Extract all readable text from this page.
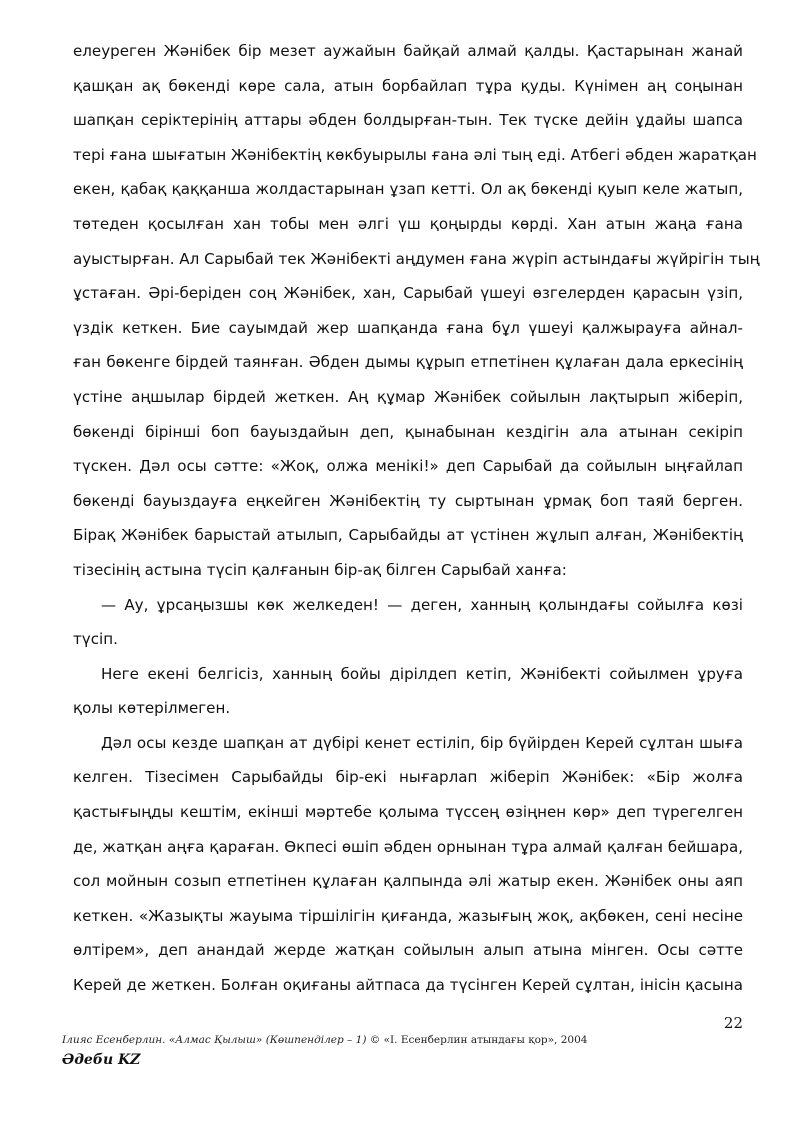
елеуреген Жәнібек бір мезет аужайын байқай алмай қалды. Қастарынан жанай
қашқан ақ бөкенді көре сала, атын борбайлап тұра қуды. Күнімен аң соңынан
шапқан серіктерінің аттары әбден болдырған-тын. Тек түске дейін ұдайы шапса
тері ғана шығатын Жәнібектің көкбуырылы ғана әлі тың еді. Атбегі әбден жаратқан
екен, қабақ қаққанша жолдастарынан ұзап кетті. Ол ақ бөкенді қуып келе жатып,
төтеден қосылған хан тобы мен әлгі үш қоңырды көрді. Хан атын жаңа ғана
ауыстырған. Ал Сарыбай тек Жәнібекті аңдумен ғана жүріп астындағы жүйрігін тың
ұстаған. Әрі-беріден соң Жәнібек, хан, Сарыбай үшеуі өзгелерден қарасын үзіп,
үздік кеткен. Бие сауымдай жер шапқанда ғана бұл үшеуі қалжырауға айнал-
ған бөкенге бірдей таянған. Әбден дымы құрып етпетінен құлаған дала еркесінің
үстіне аңшылар бірдей жеткен. Аң құмар Жәнібек сойылын лақтырып жіберіп,
бөкенді бірінші боп бауыздайын деп, қынабынан кездігін ала атынан секіріп
түскен. Дәл осы сәтте: «Жоқ, олжа менікі!» деп Сарыбай да сойылын ыңғайлап
бөкенді бауыздауға еңкейген Жәнібектің ту сыртынан ұрмақ боп таяй берген.
Бірақ Жәнібек барыстай атылып, Сарыбайды ат үстінен жұлып алған, Жәнібектің
тізесінің астына түсіп қалғанын бір-ақ білген Сарыбай ханға:
— Ау, ұрсаңызшы көк желкеден! — деген, ханның қолындағы сойылға көзі
түсіп.
Неге екені белгісіз, ханның бойы дірілдеп кетіп, Жәнібекті сойылмен ұруға
қолы көтерілмеген.
Дәл осы кезде шапқан ат дүбірі кенет естіліп, бір бүйірден Керей сұлтан шыға
келген. Тізесімен Сарыбайды бір-екі нығарлап жіберіп Жәнібек: «Бір жолға
қастығыңды кештім, екінші мәртебе қолыма түссең өзіңнен көр» деп түрегелген
де, жатқан аңға қараған. Өкпесі өшіп әбден орнынан тұра алмай қалған бейшара,
сол мойнын созып етпетінен құлаған қалпында әлі жатыр екен. Жәнібек оны аяп
кеткен. «Жазықты жауыма тіршілігін қиғанда, жазығың жоқ, ақбөкен, сені несіне
өлтірем», деп анандай жерде жатқан сойылын алып атына мінген. Осы сәтте
Керей де жеткен. Болған оқиғаны айтпаса да түсінген Керей сұлтан, інісін қасына
22
Ілияс Есенберлин. «Алмас Қылыш» (Көшпенділер – 1) © «І. Есенберлин атындағы қор», 2004
Әдеби KZ
